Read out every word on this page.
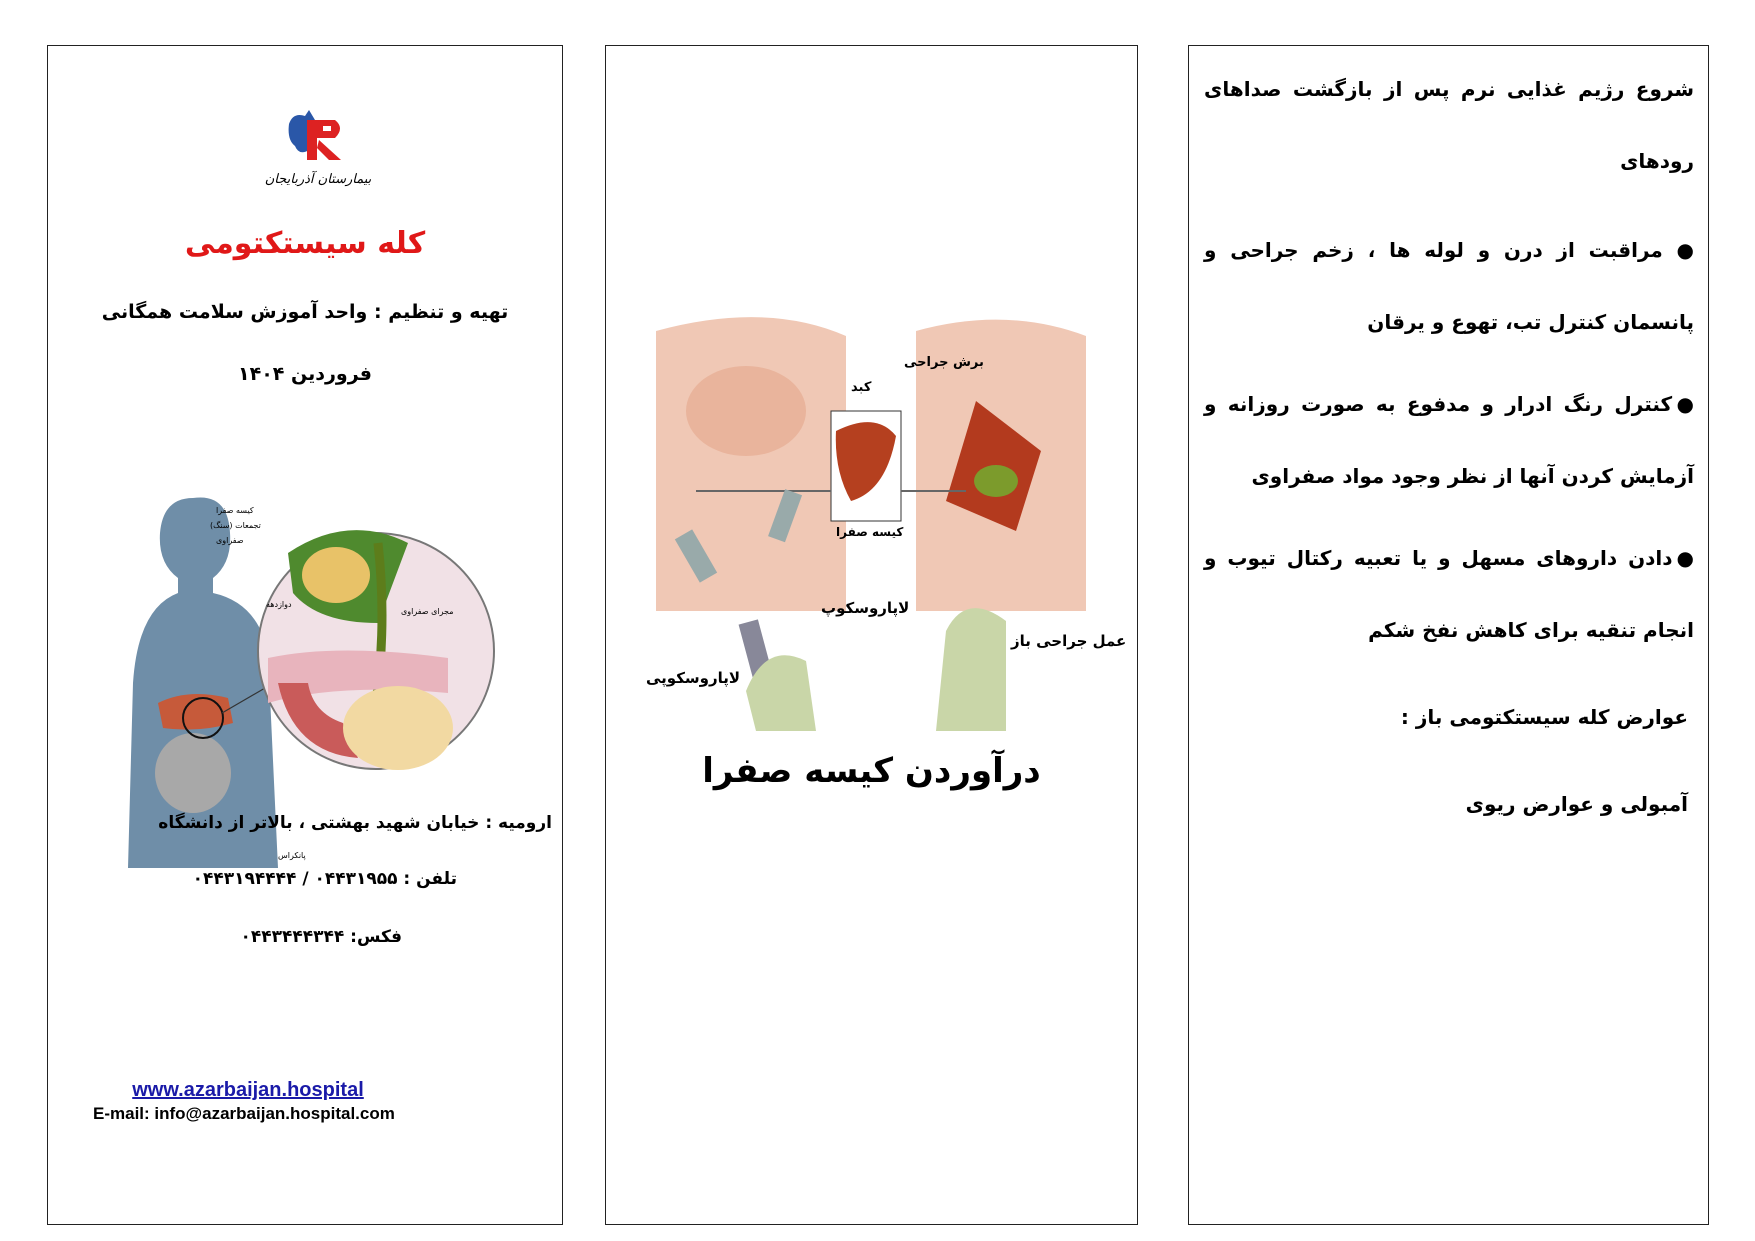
بیمارستان آذربایجان
کله سیستکتومی
تهیه و تنظیم : واحد آموزش سلامت همگانی
فروردین ۱۴۰۴
کیسه صفرا
تجمعات (سنگ)
صفراوی
دوازدهه
مجرای صفراوی
پانکراس
ارومیه : خیابان شهید بهشتی ، بالاتر از دانشگاه
تلفن : ۰۴۴۳۱۹۵۵ / ۰۴۴۳۱۹۴۴۴۴
فکس: ۰۴۴۳۴۴۴۳۴۴
www.azarbaijan.hospital
E-mail: info@azarbaijan.hospital.com
کبد
برش جراحی
کیسه صفرا
لاپاروسکوپ
لاپاروسکوپی
عمل جراحی باز
درآوردن کیسه صفرا
شروع رژیم غذایی نرم پس از بازگشت صداهای رودهای
● مراقبت از درن و لوله ها ، زخم جراحی و پانسمان کنترل تب، تهوع و یرقان
●کنترل رنگ ادرار و مدفوع به صورت روزانه و آزمایش کردن آنها از نظر وجود مواد صفراوی
●دادن داروهای مسهل و یا تعبیه رکتال تیوب و انجام تنقیه برای کاهش نفخ شکم
عوارض کله سیستکتومی باز :
آمبولی و عوارض ریوی
